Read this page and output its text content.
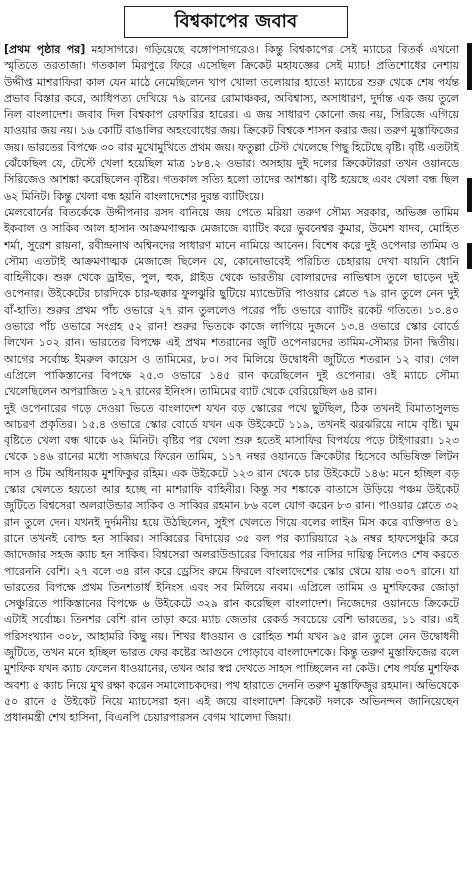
বিশ্বকাপের জবাব

[প্রথম পৃষ্ঠার পর] মহাসাগরে। গড়িয়েছে বঙ্গোপসাগরেও। কিন্তু বিশ্বকাপের সেই ম্যাচের বিতর্ক এখনো স্মৃতিতে তরতাজা। গতকাল মিরপুরে ফিরে এসেছিল ক্রিকেট মহাযজ্ঞের সেই ম্যাচ! প্রতিশোধের নেশায় উদ্দীপ্ত মাশরাফিরা কাল যেন মাঠে নেমেছিলেন খাপ খোলা তলোয়ার হাতে! ম্যাচের শুরু থেকে শেষ পর্যন্ত প্রভাব বিস্তার করে, আধিপত্য দেখিয়ে ৭৯ রানের রোমাঞ্চকর, অবিশ্বাস্য, অসাধারণ, দুর্দান্ত এক জয় তুলে নিল বাংলাদেশ। জবাব দিল বিশ্বকাপ রেফারির হারের। এ জয় সাধারণ কোনো জয় নয়, সিরিজে এগিয়ে যাওয়ার জয় নয়। ১৬ কোটি বাঙালির অহংবোধের জয়। ক্রিকেট বিশ্বকে শাসন করার জয়। তরুণ মুস্তাফিজের জয়। ভারতের বিপক্ষে ৩০ বার মুখোমুখিতে প্রথম জয়। ফতুল্লা টেস্ট খেলেছে পিছু হিটেছে বৃষ্টি। বৃষ্টি এতটাই ঝেঁকেছিল যে, টেস্টে খেলা হয়েছিল মাত্র ১৮৪.২ ওভার। অসহায় দুই দলের ক্রিকেটাররা তখন ওয়ানডে সিরিজেও আশঙ্কা করেছিলেন বৃষ্টির। গতকাল সত্যি হলো তাদের আশঙ্কা। বৃষ্টি হয়েছে এবং খেলা বন্ধ ছিল ৬২ মিনিট। কিন্তু খেলা বন্ধ হয়নি বাংলাদেশের দুরন্ত ব্যাটিংয়ে।

মেলবোর্নের বিতর্কেকে উদ্দীপনার রসদ বানিয়ে জয় পেতে মরিয়া তরুণ সৌম্য সরকার, অভিজ্ঞ তামিম ইকবাল ও সাকিব আল হাসান আক্রমণাত্মক মেজাজে ব্যাটিং করে ভুবনেশ্বর কুমার, উমেশ যাদব, মোহিত শর্মা, সুরেশ রায়না, রবীন্দ্রনাথ অশ্বিনদের সাধারণ মানে নামিয়ে আনেন। বিশেষ করে দুই ওপেনার তামিম ও সৌম্য এতটাই আক্রমণাত্মক মেজাজে ছিলেন যে, কোনোভাবেই পরিচিত চেহারায় দেখা যায়নি ধোনি বাহিনীকে। শুরু থেকে ড্রাইভ, পুল, হুক, গ্লাইড থেকে ভারতীয় বোলারদের নাভিশ্বাস তুলে ছাড়েন দুই ওপেনার। উইকেটের চারদিকে চার-ছক্কার ফুলঝুরি ছুটিয়ে ম্যান্ডেটরি পাওয়ার প্লেতে ৭৯ রান তুলে নেন দুই বাঁ-হাতি। শুরুর প্রথম পাঁচ ওভারে ২৭ রান তুললেও পরের পাঁচ ওভারে ব্যাটিং রকেট গতিতে। ১০.৪০ ওভারে পাঁচ ওভারে সংগ্রহ ৫২ রান! শুরুর ভিতকে কাজে লাগিয়ে দুজনে ১৩.৪ ওভারে স্কোর বোর্ডে লিখেন ১০২ রান। ভারতের বিপক্ষে এই প্রথম শতরানের জুটি ওপেনারদের তামিম-সৌম্যর টানা দ্বিতীয়। আগের সর্বোচ্চ ইমরুল কায়েস ও তামিমের, ৮০। সব মিলিয়ে উদ্বোধনী জুটিতে শতরান ১২ বার। গেল এপ্রিলে পাকিস্তানের বিপক্ষে ২৫.৩ ওভারে ১৪৫ রান করেছিলেন দুই ওপেনার। ওই ম্যাচে সৌম্য খেলেছিলেন অপরাজিত ১২৭ রানের ইনিংস। তামিমের ব্যাট থেকে বেরিয়েছিল ৬৪ রান।

দুই ওপেনারের গড়ে দেওয়া ভিতে বাংলাদেশ যখন বড় স্কোরের পথে ছুটছিল, ঠিক তখনই বিমাতাসুলভ আচরণ প্রকৃতির। ১৫.৪ ওভারে স্কোর বোর্ডে যখন এক উইকেটে ১১৯, তখনই ঝরঝরিয়ে নামে বৃষ্টি। ঘুম বৃষ্টিতে খেলা বন্ধ থাকে ৬২ মিনিট। বৃষ্টির পর খেলা শুরু হতেই মাসাফির বিপর্যয়ে পড়ে টাইগাররা। ১২৩ থেকে ১৪৬ রানের মধ্যে সাজঘরে ফিরেন তামিম, ১১৭ নম্বর ওয়ানডে ক্রিকেটার হিসেবে অভিষিক্ত লিটন দাস ও টিম অধিনায়ক মুশফিকুর রহিম। এক উইকেটে ১২৩ রান থেকে চার উইকেটে ১৪৬: মনে হচ্ছিল বড় স্কোর খেলতে হয়তো আর হচ্ছে না মাশরাফি বাহিনীর। কিন্তু সব শঙ্কাকে বাতাসে উড়িয়ে পঞ্চম উইকেট জুটিতে বিশ্বসেরা অলরাউন্ডার সাকিব ও সাব্বির রহমান ৮৬ বলে যোগ করেন ৮৩ রান। পাওয়ার প্লেতে ৩২ রান তুলে দেন। যখনই দুর্দমনীয় হয়ে উঠছিলেন, সুইপ খেলতে গিয়ে বলের লাইন মিস করে ব্যক্তিগত ৪১ রানে তখনই বোল্ড হন সাব্বির। সাব্বিরের বিদায়ের ৩৫ বল পর ক্যারিয়ারে ২৯ নম্বর হাফসেঞ্চুরি করে জাদেজার সহজ ক্যাচ হন সাকিব। বিশ্বসেরা অলরাউন্ডারের বিদায়ের পর নাসির দায়িত্ব নিলেও শেষ করতে পারেননি বেশি। ২৭ বলে ৩৪ রান করে ড্রেসিং রুমে ফিরলে বাংলাদেশের স্কোর থেমে যায় ৩০৭ রানে। যা ভারতের বিপক্ষে প্রথম তিনশতার্ধ ইনিংস এবং সব মিলিয়ে নবম। এপ্রিলে তামিম ও মুশফিকের জোড়া সেঞ্চুরিতে পাকিস্তানের বিপক্ষে ৬ উইকেটে ৩২৯ রান করেছিল বাংলাদেশ। নিজেদের ওয়ানডে ক্রিকেটে এটাই সর্বোচ্চ। তিনশর বেশি রান তাড়া করে ম্যাচ জেতার রেকর্ড সবচেয়ে বেশি ভারতের, ১১ বার। এই পরিসংখ্যান ৩০৮, আহামরি কিছু নয়। শিখর ধাওয়ান ও রোহিত শর্মা যখন ৯৫ রান তুলে নেন উদ্বোধনী জুটিতে, তখন মনে হচ্ছিল ভারত ফের কষ্টের আগুনে পোড়াবে বাংলাদেশকে। কিন্তু তরুণ মুস্তাফিজের বলে মুশফিক যখন ক্যাচ ফেলেন ধাওয়ানের, তখন আর স্বপ্ন দেখতে সাহস পাচ্ছিলেন না কেউ। শেষ পর্যন্ত মুশফিক অবশ্য ৫ ক্যাচ নিয়ে মুখ রক্ষা করেন সমালোচকদের। পথ হারাতে দেননি তরুণ মুস্তাফিজুর রহমান। অভিষেকে ৫০ রানে ৫ উইকেট নিয়ে ম্যাচসেরা হন। এই জয়ে বাংলাদেশ ক্রিকেট দলকে অভিনন্দন জানিয়েছেন প্রধানমন্ত্রী শেখ হাসিনা, বিএনপি চেয়ারপারসন বেগম খালেদা জিয়া।
